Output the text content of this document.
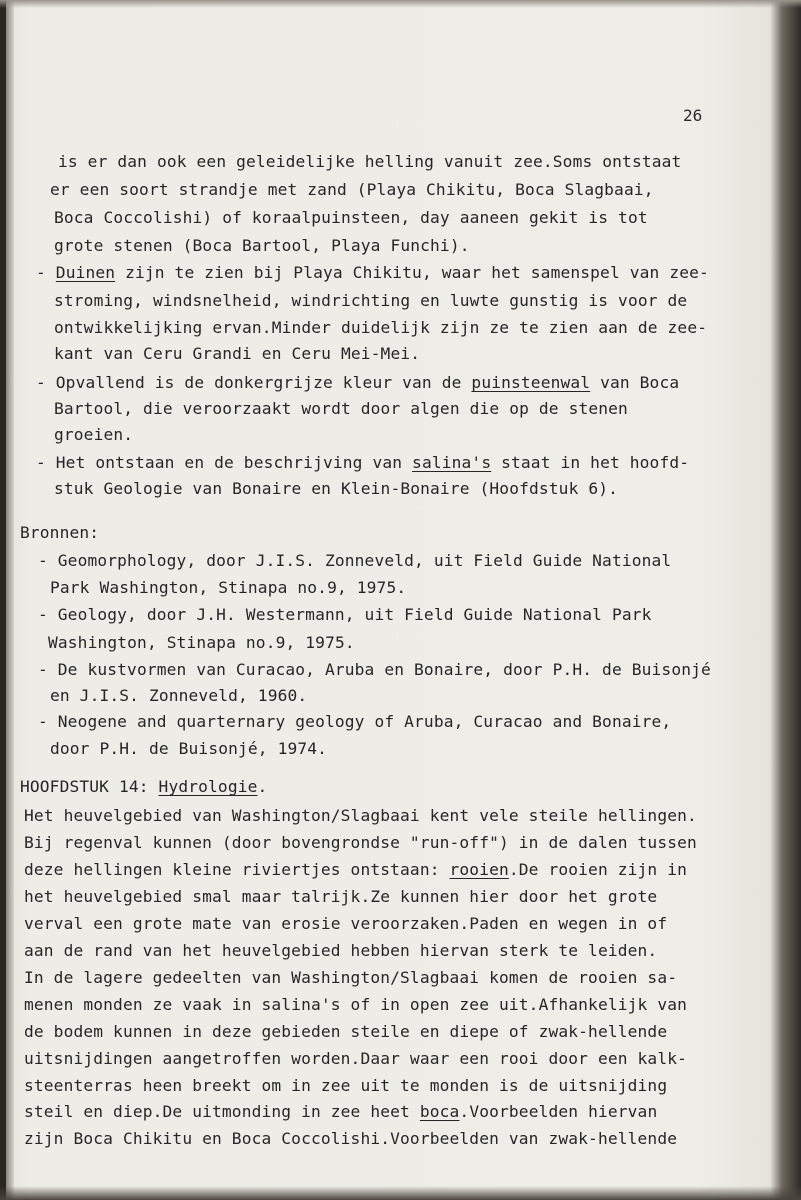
26
is er dan ook een geleidelijke helling vanuit zee.Soms ontstaat
er een soort strandje met zand (Playa Chikitu, Boca Slagbaai,
Boca Coccolishi) of koraalpuinsteen, day aaneen gekit is tot
grote stenen (Boca Bartool, Playa Funchi).
- Duinen zijn te zien bij Playa Chikitu, waar het samenspel van zee-
stroming, windsnelheid, windrichting en luwte gunstig is voor de
ontwikkelijking ervan.Minder duidelijk zijn ze te zien aan de zee-
kant van Ceru Grandi en Ceru Mei-Mei.
- Opvallend is de donkergrijze kleur van de puinsteenwal van Boca
Bartool, die veroorzaakt wordt door algen die op de stenen
groeien.
- Het ontstaan en de beschrijving van salina's staat in het hoofd-
stuk Geologie van Bonaire en Klein-Bonaire (Hoofdstuk 6).
Bronnen:
- Geomorphology, door J.I.S. Zonneveld, uit Field Guide National
Park Washington, Stinapa no.9, 1975.
- Geology, door J.H. Westermann, uit Field Guide National Park
Washington, Stinapa no.9, 1975.
- De kustvormen van Curacao, Aruba en Bonaire, door P.H. de Buisonjé
en J.I.S. Zonneveld, 1960.
- Neogene and quarternary geology of Aruba, Curacao and Bonaire,
door P.H. de Buisonjé, 1974.
HOOFDSTUK 14: Hydrologie.
Het heuvelgebied van Washington/Slagbaai kent vele steile hellingen.
Bij regenval kunnen (door bovengrondse "run-off") in de dalen tussen
deze hellingen kleine riviertjes ontstaan: rooien.De rooien zijn in
het heuvelgebied smal maar talrijk.Ze kunnen hier door het grote
verval een grote mate van erosie veroorzaken.Paden en wegen in of
aan de rand van het heuvelgebied hebben hiervan sterk te leiden.
In de lagere gedeelten van Washington/Slagbaai komen de rooien sa-
menen monden ze vaak in salina's of in open zee uit.Afhankelijk van
de bodem kunnen in deze gebieden steile en diepe of zwak-hellende
uitsnijdingen aangetroffen worden.Daar waar een rooi door een kalk-
steenterras heen breekt om in zee uit te monden is de uitsnijding
steil en diep.De uitmonding in zee heet boca.Voorbeelden hiervan
zijn Boca Chikitu en Boca Coccolishi.Voorbeelden van zwak-hellende
